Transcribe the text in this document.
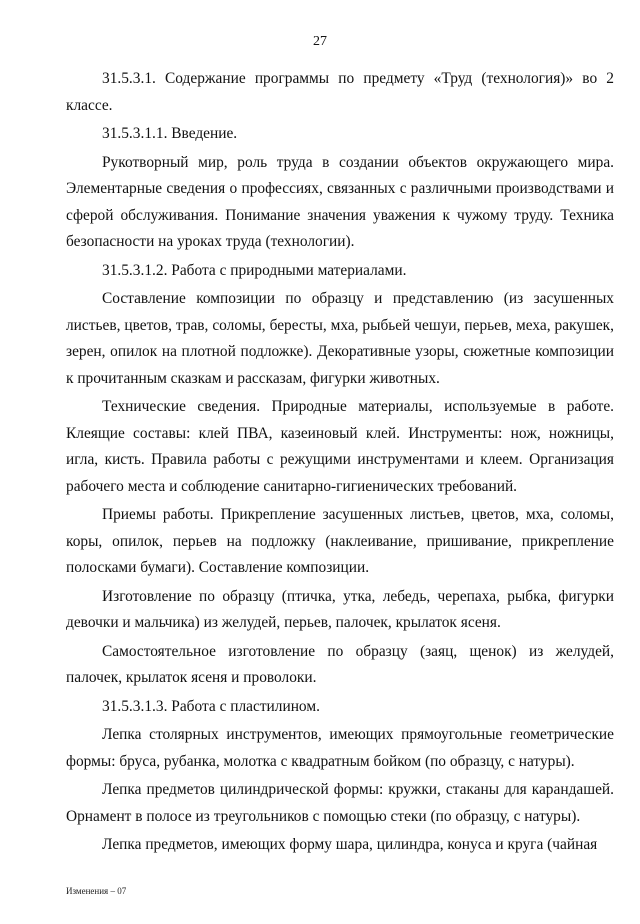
27

31.5.3.1. Содержание программы по предмету «Труд (технология)» во 2 классе.

31.5.3.1.1. Введение.

Рукотворный мир, роль труда в создании объектов окружающего мира. Элементарные сведения о профессиях, связанных с различными производствами и сферой обслуживания. Понимание значения уважения к чужому труду. Техника безопасности на уроках труда (технологии).

31.5.3.1.2. Работа с природными материалами.

Составление композиции по образцу и представлению (из засушенных листьев, цветов, трав, соломы, бересты, мха, рыбьей чешуи, перьев, меха, ракушек, зерен, опилок на плотной подложке). Декоративные узоры, сюжетные композиции к прочитанным сказкам и рассказам, фигурки животных.

Технические сведения. Природные материалы, используемые в работе. Клеящие составы: клей ПВА, казеиновый клей. Инструменты: нож, ножницы, игла, кисть. Правила работы с режущими инструментами и клеем. Организация рабочего места и соблюдение санитарно-гигиенических требований.

Приемы работы. Прикрепление засушенных листьев, цветов, мха, соломы, коры, опилок, перьев на подложку (наклеивание, пришивание, прикрепление полосками бумаги). Составление композиции.

Изготовление по образцу (птичка, утка, лебедь, черепаха, рыбка, фигурки девочки и мальчика) из желудей, перьев, палочек, крылаток ясеня.

Самостоятельное изготовление по образцу (заяц, щенок) из желудей, палочек, крылаток ясеня и проволоки.

31.5.3.1.3. Работа с пластилином.

Лепка столярных инструментов, имеющих прямоугольные геометрические формы: бруса, рубанка, молотка с квадратным бойком (по образцу, с натуры).

Лепка предметов цилиндрической формы: кружки, стаканы для карандашей. Орнамент в полосе из треугольников с помощью стеки (по образцу, с натуры).

Лепка предметов, имеющих форму шара, цилиндра, конуса и круга (чайная

Изменения – 07
